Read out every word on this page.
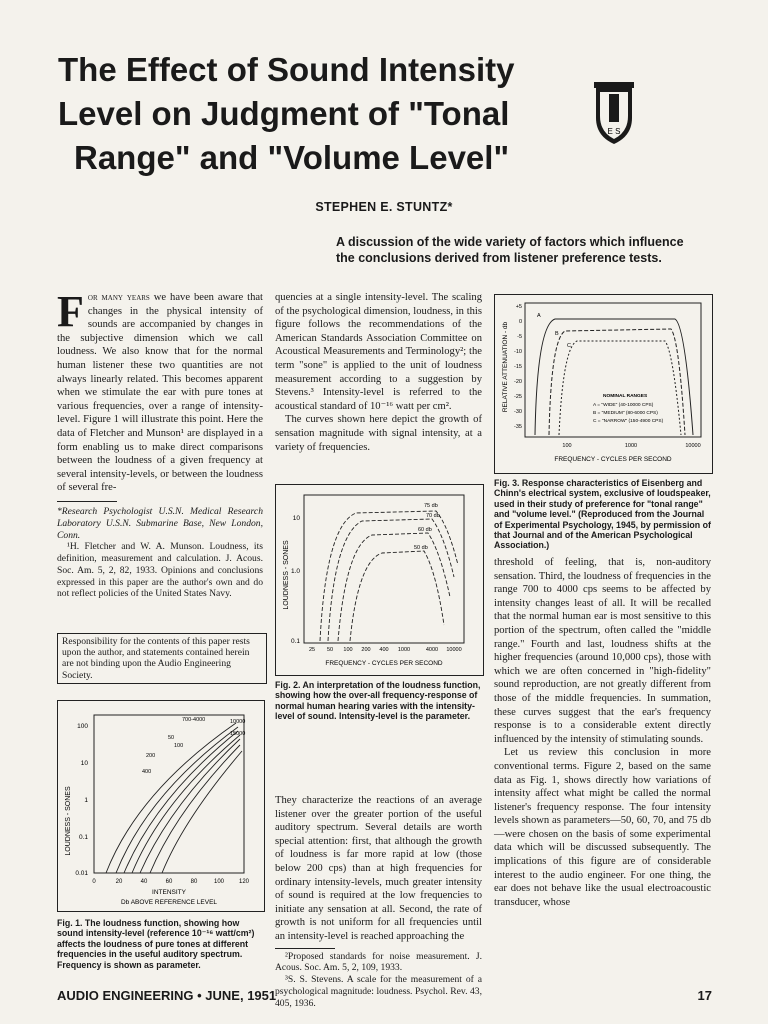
The Effect of Sound Intensity
Level on Judgment of "Tonal
Range" and "Volume Level"
E S
STEPHEN E. STUNTZ*
A discussion of the wide variety of factors which influence
the conclusions derived from listener preference tests.

For many years we have been aware that changes in the physical intensity of sounds are accompanied by changes in the subjective dimension which we call loudness. We also know that for the normal human listener these two quantities are not always linearly related. This becomes apparent when we stimulate the ear with pure tones at various frequencies, over a range of intensity-level. Figure 1 will illustrate this point. Here the data of Fletcher and Munson¹ are displayed in a form enabling us to make direct comparisons between the loudness of a given frequency at several intensity-levels, or between the loudness of several fre-

*Research Psychologist U.S.N. Medical Research Laboratory U.S.N. Submarine Base, New London, Conn.

¹H. Fletcher and W. A. Munson. Loudness, its definition, measurement and calculation. J. Acous. Soc. Am. 5, 2, 82, 1933. Opinions and conclusions expressed in this paper are the author's own and do not reflect policies of the United States Navy.

Responsibility for the contents of this paper rests upon the author, and statements contained herein are not binding upon the Audio Engineering Society.

quencies at a single intensity-level. The scaling of the psychological dimension, loudness, in this figure follows the recommendations of the American Standards Association Committee on Acoustical Measurements and Terminology²; the term "sone" is applied to the unit of loudness measurement according to a suggestion by Stevens.³ Intensity-level is referred to the acoustical standard of 10⁻¹⁶ watt per cm².

The curves shown here depict the growth of sensation magnitude with signal intensity, at a variety of frequencies.

They characterize the reactions of an average listener over the greater portion of the useful auditory spectrum. Several details are worth special attention: first, that although the growth of loudness is far more rapid at low (those below 200 cps) than at high frequencies for ordinary intensity-levels, much greater intensity of sound is required at the low frequencies to initiate any sensation at all. Second, the rate of growth is not uniform for all frequencies until an intensity-level is reached approaching the

²Proposed standards for noise measurement. J. Acous. Soc. Am. 5, 2, 109, 1933.

³S. S. Stevens. A scale for the measurement of a psychological magnitude: loudness. Psychol. Rev. 43, 405, 1936.

threshold of feeling, that is, non-auditory sensation. Third, the loudness of frequencies in the range 700 to 4000 cps seems to be affected by intensity changes least of all. It will be recalled that the normal human ear is most sensitive to this portion of the spectrum, often called the "middle range." Fourth and last, loudness shifts at the higher frequencies (around 10,000 cps), those with which we are often concerned in "high-fidelity" sound reproduction, are not greatly different from those of the middle frequencies. In summation, these curves suggest that the ear's frequency response is to a considerable extent directly influenced by the intensity of stimulating sounds.

Let us review this conclusion in more conventional terms. Figure 2, based on the same data as Fig. 1, shows directly how variations of intensity affect what might be called the normal listener's frequency response. The four intensity levels shown as parameters—50, 60, 70, and 75 db—were chosen on the basis of some experimental data which will be discussed subsequently. The implications of this figure are of considerable interest to the audio engineer. For one thing, the ear does not behave like the usual electroacoustic transducer, whose

LOUDNESS - SONES
100
10
1
0.1
0.01
0	20	40	60	80	100 120
INTENSITY
Db ABOVE REFERENCE LEVEL
700-4000	10000
50
15000
100
200
400
LOUDNESS - SONES
10
1.0
0.1
25 50 100 200 400 1000	4000 10000
FREQUENCY - CYCLES PER SECOND
75 db
70 db
60 db
50 db
RELATIVE ATTENUATION - db
+5
0
-5
-10
-15
-20
-25
-30
-35
100	1000	10000
FREQUENCY - CYCLES PER SECOND
A
B
C
NOMINAL RANGES
A = "WIDE" (40-10000 CPS)
B = "MEDIUM" (80-6000 CPS)
C = "NARROW" (150-4900 CPS)
Fig. 1. The loudness function, showing how sound intensity-level (reference 10⁻¹⁶ watt/cm²) affects the loudness of pure tones at different frequencies in the useful auditory spectrum. Frequency is shown as parameter.
Fig. 2. An interpretation of the loudness function, showing how the over-all frequency-response of normal human hearing varies with the intensity-level of sound. Intensity-level is the parameter.
Fig. 3. Response characteristics of Eisenberg and Chinn's electrical system, exclusive of loudspeaker, used in their study of preference for "tonal range" and "volume level." (Reproduced from the Journal of Experimental Psychology, 1945, by permission of that Journal and of the American Psychological Association.)
AUDIO ENGINEERING • JUNE, 1951	17
